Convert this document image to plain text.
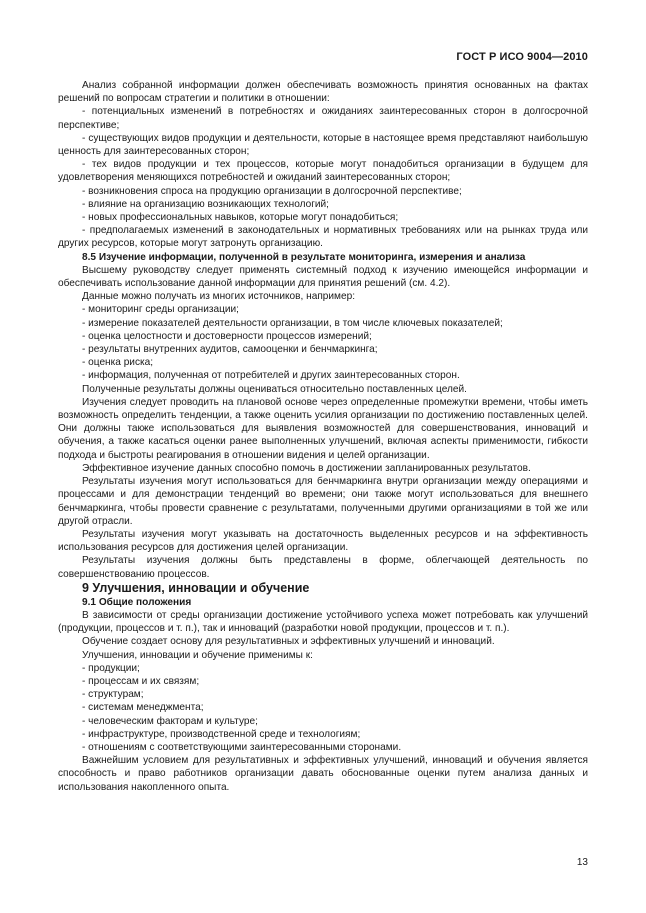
ГОСТ Р ИСО 9004—2010

Анализ собранной информации должен обеспечивать возможность принятия основанных на фактах решений по вопросам стратегии и политики в отношении:

- потенциальных изменений в потребностях и ожиданиях заинтересованных сторон в долгосрочной перспективе;

- существующих видов продукции и деятельности, которые в настоящее время представляют наибольшую ценность для заинтересованных сторон;

- тех видов продукции и тех процессов, которые могут понадобиться организации в будущем для удовлетворения меняющихся потребностей и ожиданий заинтересованных сторон;

- возникновения спроса на продукцию организации в долгосрочной перспективе;

- влияние на организацию возникающих технологий;

- новых профессиональных навыков, которые могут понадобиться;

- предполагаемых изменений в законодательных и нормативных требованиях или на рынках труда или других ресурсов, которые могут затронуть организацию.

8.5 Изучение информации, полученной в результате мониторинга, измерения и анализа

Высшему руководству следует применять системный подход к изучению имеющейся информации и обеспечивать использование данной информации для принятия решений (см. 4.2).

Данные можно получать из многих источников, например:

- мониторинг среды организации;

- измерение показателей деятельности организации, в том числе ключевых показателей;

- оценка целостности и достоверности процессов измерений;

- результаты внутренних аудитов, самооценки и бенчмаркинга;

- оценка риска;

- информация, полученная от потребителей и других заинтересованных сторон.

Полученные результаты должны оцениваться относительно поставленных целей.

Изучения следует проводить на плановой основе через определенные промежутки времени, чтобы иметь возможность определить тенденции, а также оценить усилия организации по достижению поставленных целей. Они должны также использоваться для выявления возможностей для совершенствования, инноваций и обучения, а также касаться оценки ранее выполненных улучшений, включая аспекты применимости, гибкости подхода и быстроты реагирования в отношении видения и целей организации.

Эффективное изучение данных способно помочь в достижении запланированных результатов.

Результаты изучения могут использоваться для бенчмаркинга внутри организации между операциями и процессами и для демонстрации тенденций во времени; они также могут использоваться для внешнего бенчмаркинга, чтобы провести сравнение с результатами, полученными другими организациями в той же или другой отрасли.

Результаты изучения могут указывать на достаточность выделенных ресурсов и на эффективность использования ресурсов для достижения целей организации.

Результаты изучения должны быть представлены в форме, облегчающей деятельность по совершенствованию процессов.

9 Улучшения, инновации и обучение

9.1 Общие положения

В зависимости от среды организации достижение устойчивого успеха может потребовать как улучшений (продукции, процессов и т. п.), так и инноваций (разработки новой продукции, процессов и т. п.).

Обучение создает основу для результативных и эффективных улучшений и инноваций.

Улучшения, инновации и обучение применимы к:

- продукции;

- процессам и их связям;

- структурам;

- системам менеджмента;

- человеческим факторам и культуре;

- инфраструктуре, производственной среде и технологиям;

- отношениям с соответствующими заинтересованными сторонами.

Важнейшим условием для результативных и эффективных улучшений, инноваций и обучения является способность и право работников организации давать обоснованные оценки путем анализа данных и использования накопленного опыта.

13
